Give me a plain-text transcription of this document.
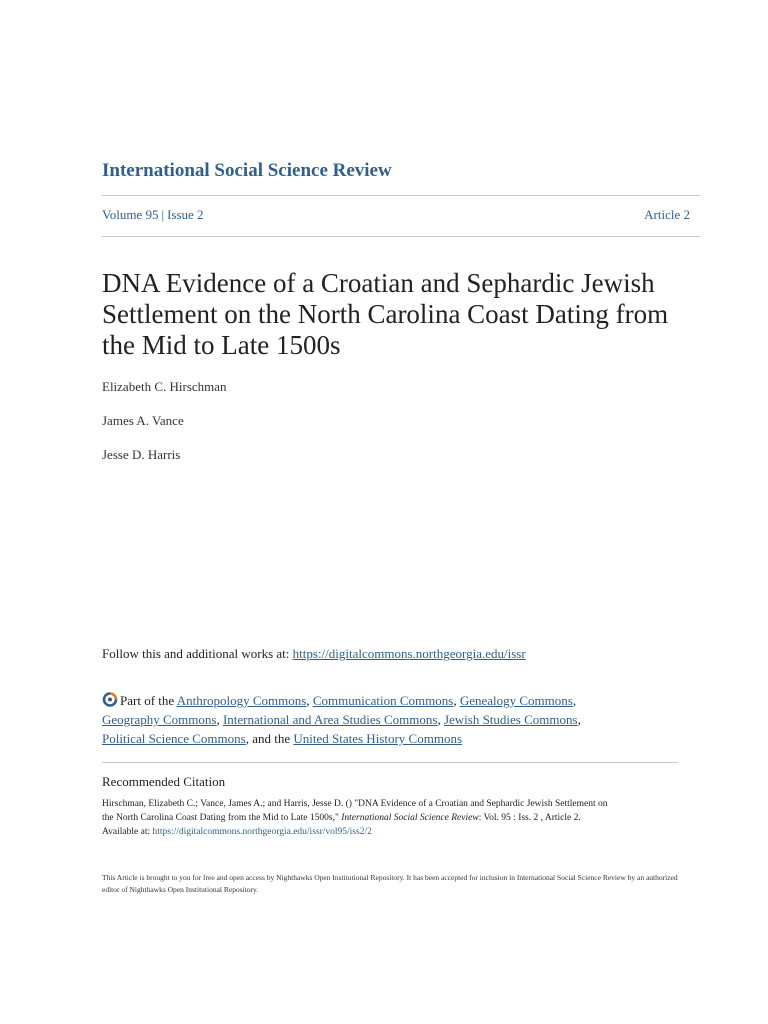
International Social Science Review
Volume 95 | Issue 2	Article 2
DNA Evidence of a Croatian and Sephardic Jewish Settlement on the North Carolina Coast Dating from the Mid to Late 1500s
Elizabeth C. Hirschman
James A. Vance
Jesse D. Harris
Follow this and additional works at: https://digitalcommons.northgeorgia.edu/issr
Part of the Anthropology Commons, Communication Commons, Genealogy Commons,
Geography Commons, International and Area Studies Commons, Jewish Studies Commons,
Political Science Commons, and the United States History Commons
Recommended Citation
Hirschman, Elizabeth C.; Vance, James A.; and Harris, Jesse D. () "DNA Evidence of a Croatian and Sephardic Jewish Settlement on
the North Carolina Coast Dating from the Mid to Late 1500s," International Social Science Review: Vol. 95 : Iss. 2 , Article 2.
Available at: https://digitalcommons.northgeorgia.edu/issr/vol95/iss2/2
This Article is brought to you for free and open access by Nighthawks Open Institutional Repository. It has been accepted for inclusion in International Social Science Review by an authorized editor of Nighthawks Open Institutional Repository.
